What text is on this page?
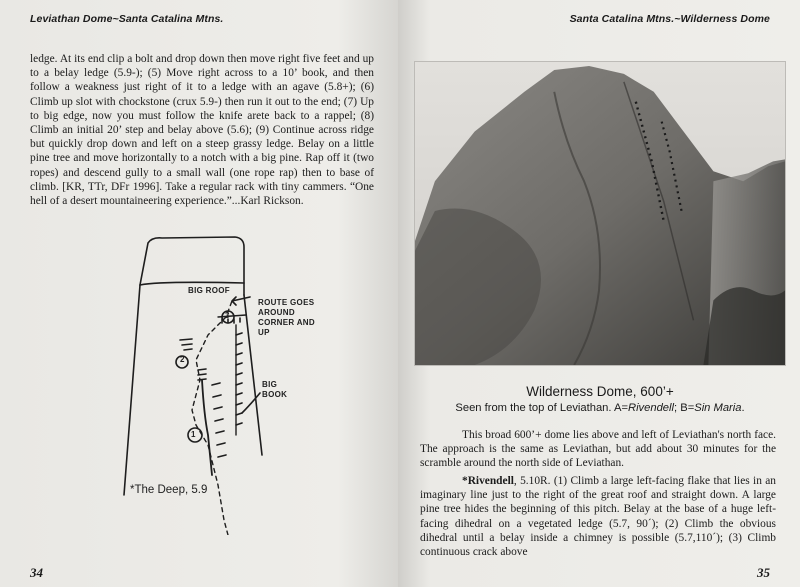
Leviathan Dome~Santa Catalina Mtns.

ledge. At its end clip a bolt and drop down then move right five feet and up to a belay ledge (5.9-); (5) Move right across to a 10’ book, and then follow a weakness just right of it to a ledge with an agave (5.8+); (6) Climb up slot with chockstone (crux 5.9-) then run it out to the end; (7) Up to big edge, now you must follow the knife arete back to a rappel; (8) Climb an initial 20’ step and belay above (5.6); (9) Continue across ridge but quickly drop down and left on a steep grassy ledge. Belay on a little pine tree and move horizontally to a notch with a big pine. Rap off it (two ropes) and descend gully to a small wall (one rope rap) then to base of climb. [KR, TTr, DFr 1996]. Take a regular rack with tiny cammers. “One hell of a desert mountaineering experience.”...Karl Rickson.

BIG ROOF
ROUTE GOES AROUND CORNER AND UP
BIG BOOK
1
2
3
*The Deep, 5.9
34
Santa Catalina Mtns.~Wilderness Dome
Wilderness Dome, 600’+
Seen from the top of Leviathan. A=Rivendell; B=Sin Maria.

This broad 600’+ dome lies above and left of Leviathan's north face. The approach is the same as Leviathan, but add about 30 minutes for the scramble around the north side of Leviathan.

*Rivendell, 5.10R. (1) Climb a large left-facing flake that lies in an imaginary line just to the right of the great roof and straight down. A large pine tree hides the beginning of this pitch. Belay at the base of a huge left-facing dihedral on a vegetated ledge (5.7, 90´); (2) Climb the obvious dihedral until a belay inside a chimney is possible (5.7,110´); (3) Climb continuous crack above

35
